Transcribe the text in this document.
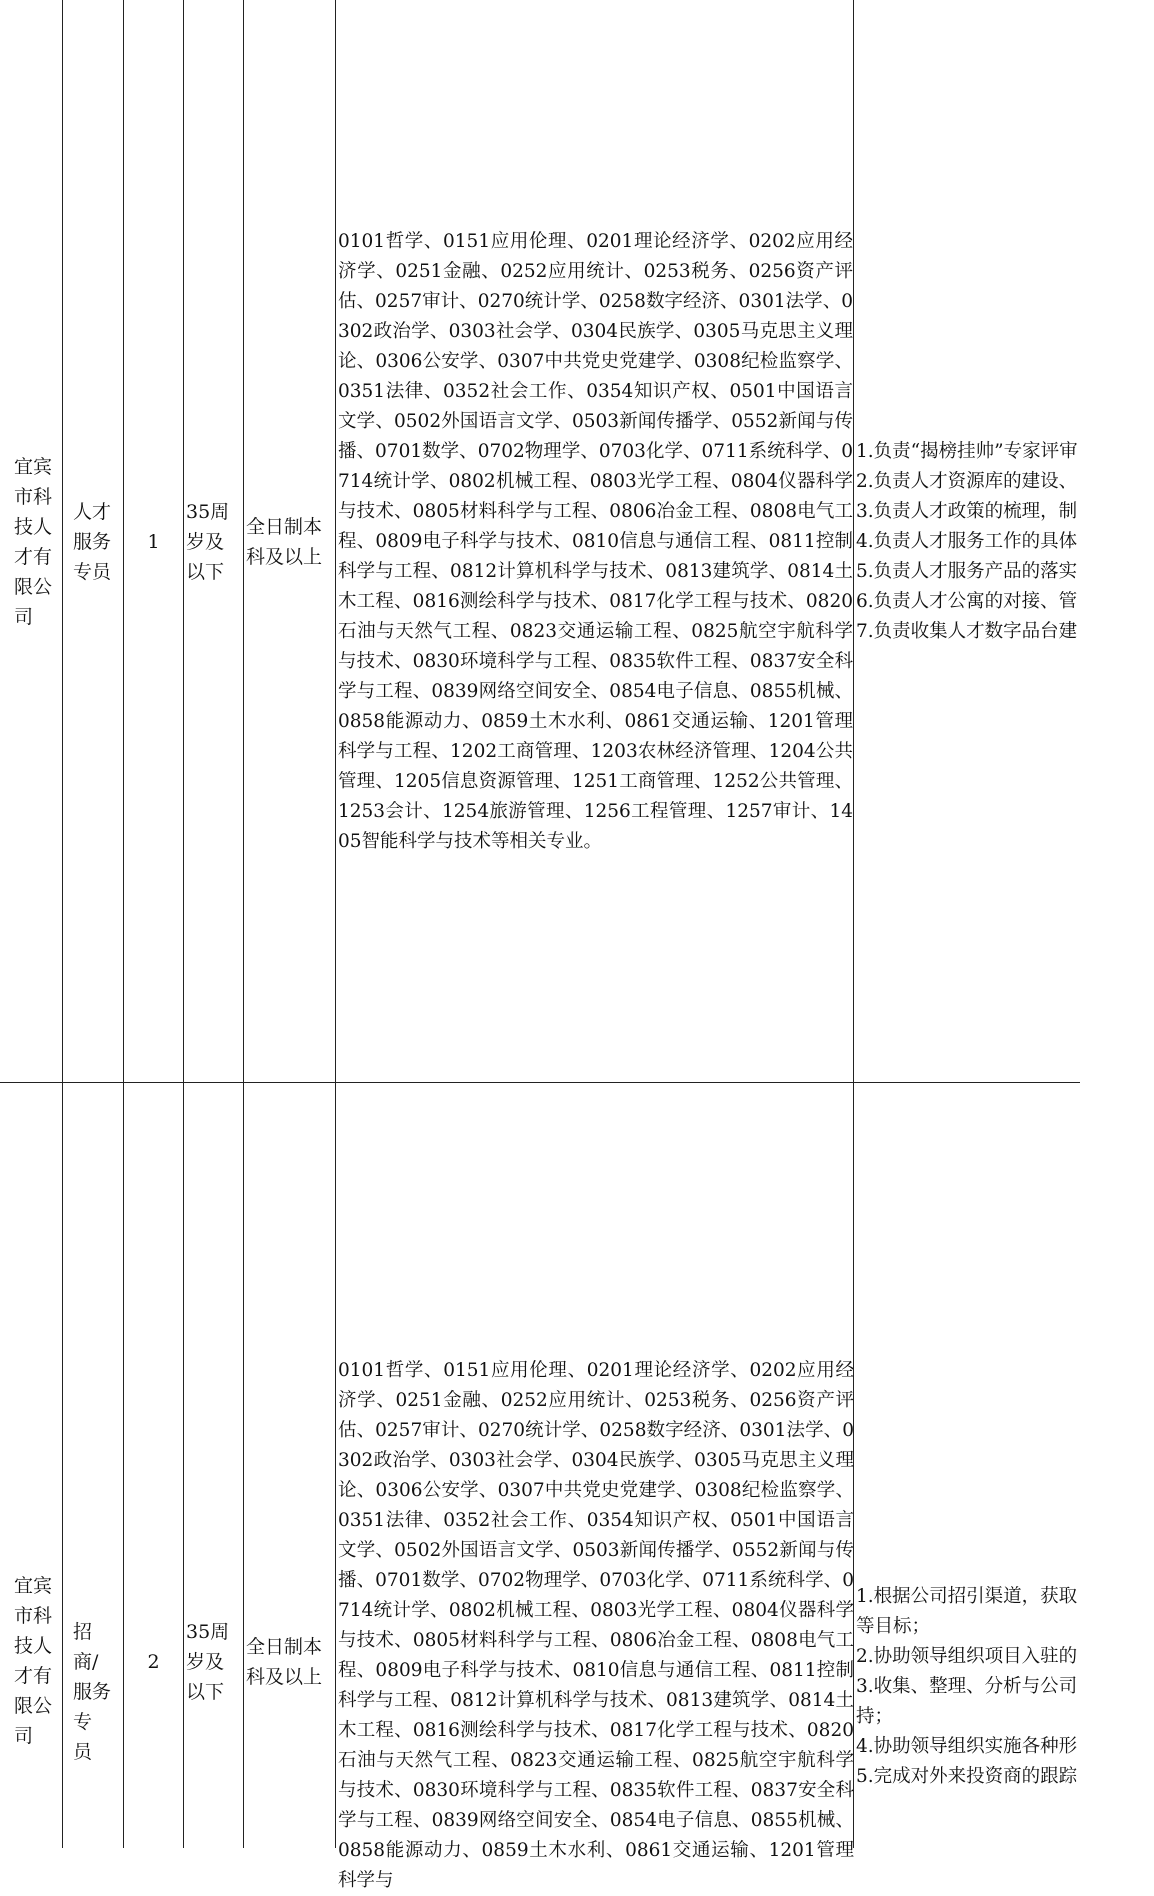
宜宾
市科
技人
才有
限公
司
人才
服务
专员
1
35周
岁及
以下
全日制本
科及以上
0101哲学、0151应用伦理、0201理论经济学、0202应用经济学、0251金融、0252应用统计、0253税务、0256资产评估、0257审计、0270统计学、0258数字经济、0301法学、0302政治学、0303社会学、0304民族学、0305马克思主义理论、0306公安学、0307中共党史党建学、0308纪检监察学、0351法律、0352社会工作、0354知识产权、0501中国语言文学、0502外国语言文学、0503新闻传播学、0552新闻与传播、0701数学、0702物理学、0703化学、0711系统科学、0714统计学、0802机械工程、0803光学工程、0804仪器科学与技术、0805材料科学与工程、0806冶金工程、0808电气工程、0809电子科学与技术、0810信息与通信工程、0811控制科学与工程、0812计算机科学与技术、0813建筑学、0814土木工程、0816测绘科学与技术、0817化学工程与技术、0820石油与天然气工程、0823交通运输工程、0825航空宇航科学与技术、0830环境科学与工程、0835软件工程、0837安全科学与工程、0839网络空间安全、0854电子信息、0855机械、0858能源动力、0859土木水利、0861交通运输、1201管理科学与工程、1202工商管理、1203农林经济管理、1204公共管理、1205信息资源管理、1251工商管理、1252公共管理、1253会计、1254旅游管理、1256工程管理、1257审计、1405智能科学与技术等相关专业。
1.负责“揭榜挂帅”专家评审
2.负责人才资源库的建设、
3.负责人才政策的梳理，制
4.负责人才服务工作的具体
5.负责人才服务产品的落实
6.负责人才公寓的对接、管
7.负责收集人才数字品台建
宜宾
市科
技人
才有
限公
司
招商/
服务专
员
2
35周
岁及
以下
全日制本
科及以上
0101哲学、0151应用伦理、0201理论经济学、0202应用经济学、0251金融、0252应用统计、0253税务、0256资产评估、0257审计、0270统计学、0258数字经济、0301法学、0302政治学、0303社会学、0304民族学、0305马克思主义理论、0306公安学、0307中共党史党建学、0308纪检监察学、0351法律、0352社会工作、0354知识产权、0501中国语言文学、0502外国语言文学、0503新闻传播学、0552新闻与传播、0701数学、0702物理学、0703化学、0711系统科学、0714统计学、0802机械工程、0803光学工程、0804仪器科学与技术、0805材料科学与工程、0806冶金工程、0808电气工程、0809电子科学与技术、0810信息与通信工程、0811控制科学与工程、0812计算机科学与技术、0813建筑学、0814土木工程、0816测绘科学与技术、0817化学工程与技术、0820石油与天然气工程、0823交通运输工程、0825航空宇航科学与技术、0830环境科学与工程、0835软件工程、0837安全科学与工程、0839网络空间安全、0854电子信息、0855机械、0858能源动力、0859土木水利、0861交通运输、1201管理科学与
1.根据公司招引渠道，获取
等目标；
2.协助领导组织项目入驻的
3.收集、整理、分析与公司
持；
4.协助领导组织实施各种形
5.完成对外来投资商的跟踪
